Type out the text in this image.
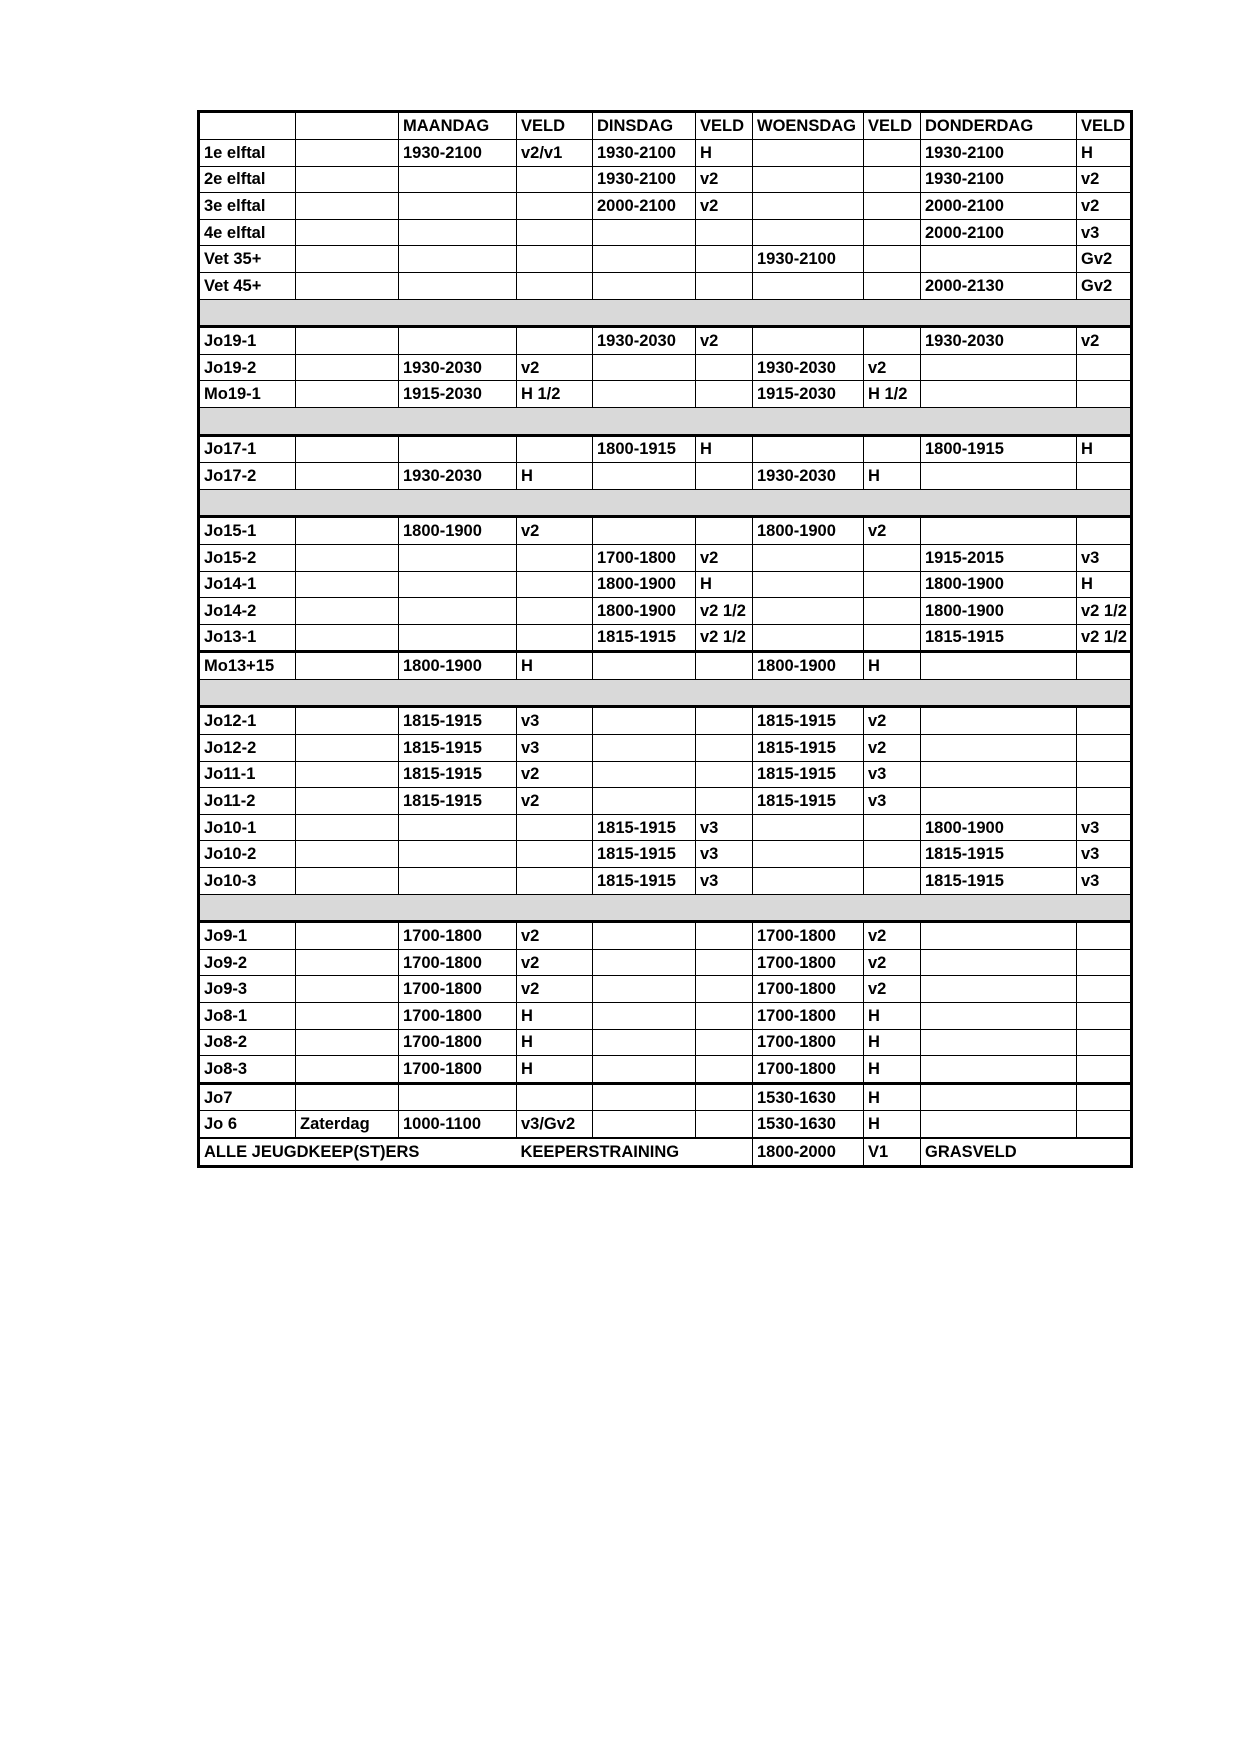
		MAANDAG	VELD	DINSDAG	VELD	WOENSDAG	VELD	DONDERDAG	VELD
1e elftal		1930-2100	v2/v1	1930-2100	H			1930-2100	H
2e elftal				1930-2100	v2			1930-2100	v2
3e elftal				2000-2100	v2			2000-2100	v2
4e elftal								2000-2100	v3
Vet 35+						1930-2100			Gv2
Vet 45+								2000-2130	Gv2

Jo19-1				1930-2030	v2			1930-2030	v2
Jo19-2		1930-2030	v2			1930-2030	v2		
Mo19-1		1915-2030	H 1/2			1915-2030	H 1/2		

Jo17-1				1800-1915	H			1800-1915	H
Jo17-2		1930-2030	H			1930-2030	H		

Jo15-1		1800-1900	v2			1800-1900	v2		
Jo15-2				1700-1800	v2			1915-2015	v3
Jo14-1				1800-1900	H			1800-1900	H
Jo14-2				1800-1900	v2 1/2			1800-1900	v2 1/2
Jo13-1				1815-1915	v2 1/2			1815-1915	v2 1/2
Mo13+15		1800-1900	H			1800-1900	H		

Jo12-1		1815-1915	v3			1815-1915	v2		
Jo12-2		1815-1915	v3			1815-1915	v2		
Jo11-1		1815-1915	v2			1815-1915	v3		
Jo11-2		1815-1915	v2			1815-1915	v3		
Jo10-1				1815-1915	v3			1800-1900	v3
Jo10-2				1815-1915	v3			1815-1915	v3
Jo10-3				1815-1915	v3			1815-1915	v3

Jo9-1		1700-1800	v2			1700-1800	v2		
Jo9-2		1700-1800	v2			1700-1800	v2		
Jo9-3		1700-1800	v2			1700-1800	v2		
Jo8-1		1700-1800	H			1700-1800	H		
Jo8-2		1700-1800	H			1700-1800	H		
Jo8-3		1700-1800	H			1700-1800	H		
Jo7						1530-1630	H		
Jo 6	Zaterdag	1000-1100	v3/Gv2			1530-1630	H		
ALLE JEUGDKEEP(ST)ERS			KEEPERSTRAINING			1800-2000	V1	GRASVELD	
